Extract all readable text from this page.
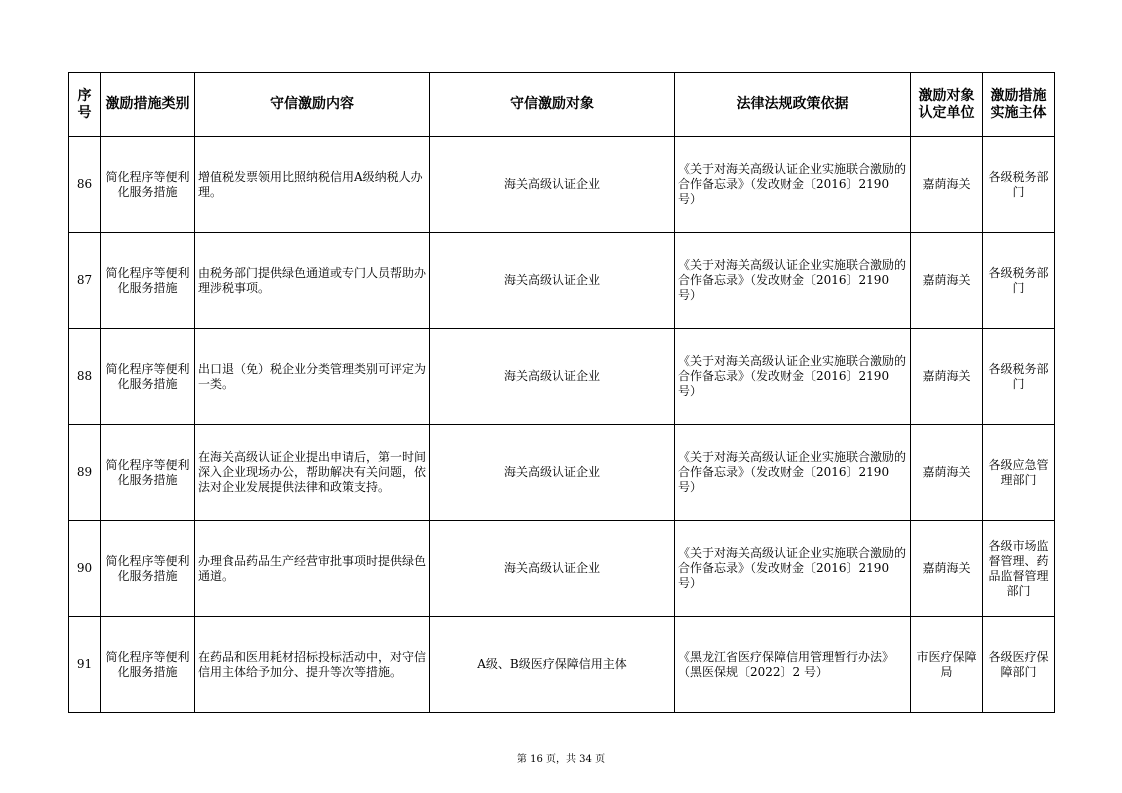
序号	激励措施类别	守信激励内容	守信激励对象	法律法规政策依据	激励对象认定单位	激励措施实施主体
86	简化程序等便利化服务措施	增值税发票领用比照纳税信用A级纳税人办理。	海关高级认证企业	《关于对海关高级认证企业实施联合激励的合作备忘录》（发改财金〔2016〕2190号）	嘉荫海关	各级税务部门
87	简化程序等便利化服务措施	由税务部门提供绿色通道或专门人员帮助办理涉税事项。	海关高级认证企业	《关于对海关高级认证企业实施联合激励的合作备忘录》（发改财金〔2016〕2190号）	嘉荫海关	各级税务部门
88	简化程序等便利化服务措施	出口退（免）税企业分类管理类别可评定为一类。	海关高级认证企业	《关于对海关高级认证企业实施联合激励的合作备忘录》（发改财金〔2016〕2190号）	嘉荫海关	各级税务部门
89	简化程序等便利化服务措施	在海关高级认证企业提出申请后，第一时间深入企业现场办公，帮助解决有关问题，依法对企业发展提供法律和政策支持。	海关高级认证企业	《关于对海关高级认证企业实施联合激励的合作备忘录》（发改财金〔2016〕2190号）	嘉荫海关	各级应急管理部门
90	简化程序等便利化服务措施	办理食品药品生产经营审批事项时提供绿色通道。	海关高级认证企业	《关于对海关高级认证企业实施联合激励的合作备忘录》（发改财金〔2016〕2190号）	嘉荫海关	各级市场监督管理、药品监督管理部门
91	简化程序等便利化服务措施	在药品和医用耗材招标投标活动中，对守信信用主体给予加分、提升等次等措施。	A级、B级医疗保障信用主体	《黑龙江省医疗保障信用管理暂行办法》（黑医保规〔2022〕2 号）	市医疗保障局	各级医疗保障部门
第 16 页，共 34 页
